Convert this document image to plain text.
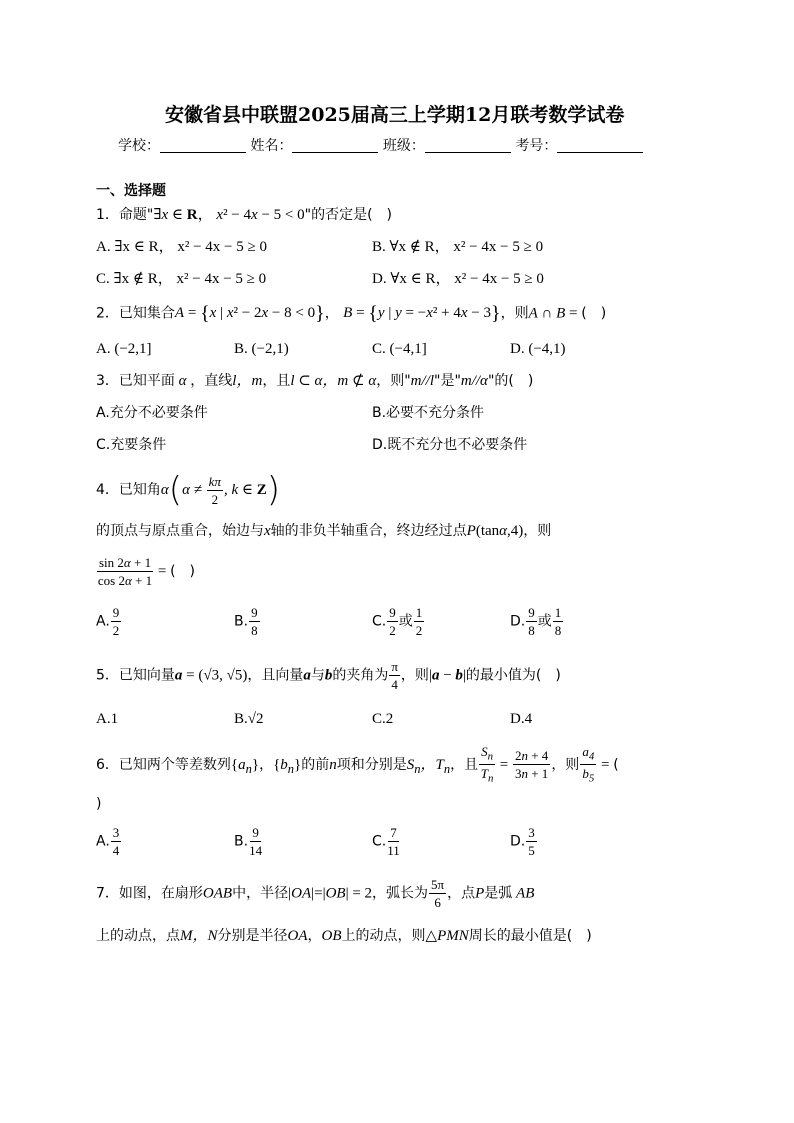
安徽省县中联盟2025届高三上学期12月联考数学试卷
学校：	姓名：	班级：	考号：
一、选择题
1．命题"∃x ∈ R， x² − 4x − 5 < 0"的否定是(　)
A. ∃x ∈ R， x² − 4x − 5 ≥ 0	B. ∀x ∉ R， x² − 4x − 5 ≥ 0
C. ∃x ∉ R， x² − 4x − 5 ≥ 0	D. ∀x ∈ R， x² − 4x − 5 ≥ 0
2．已知集合A = {x | x² − 2x − 8 < 0}， B = {y | y = −x² + 4x − 3}，则A ∩ B = (　)
A. (−2,1]	B. (−2,1)	C. (−4,1]	D. (−4,1)
3．已知平面 α ，直线l，m，且l ⊂ α，m ⊄ α，则"m//l"是"m//α"的(　)
A.充分不必要条件	B.必要不充分条件
C.充要条件	D.既不充分也不必要条件
4．已知角$\alpha(\alpha \ne \frac{k\pi}{2}$ , k ∈ Z)
的顶点与原点重合，始边与x轴的非负半轴重合，终边经过点P(tanα,4)，则
$\frac{\sin 2\alpha + 1}{\cos 2\alpha + 1}$ = (　)
A. $\frac{9}{2}$	B. $\frac{9}{8}$	C. $\frac{9}{2}$ 或 $\frac{1}{2}$	D. $\frac{9}{8}$ 或 $\frac{1}{8}$
5．已知向量a = (√3, √5)，且向量a与b的夹角为 $\frac{\pi}{4}$ ，则|a − b|的最小值为(　)
A.1	B.√2	C.2	D.4
6．已知两个等差数列$\{a_n\}$，$\{b_n\}$的前n项和分别是$S_n$，$T_n$，且 $\frac{S_n}{T_n} = \frac{2n + 4}{3n + 1}$ ，则 $\frac{a_4}{b_5}$ = (
)
A. $\frac{3}{4}$	B. $\frac{9}{14}$	C. $\frac{7}{11}$	D. $\frac{3}{5}$
7．如图，在扇形OAB中，半径|OA|=|OB| = 2，弧长为 $\frac{5\pi}{6}$ ，点P是弧 AB
上的动点，点M，N分别是半径OA，OB上的动点，则△PMN周长的最小值是(　)
